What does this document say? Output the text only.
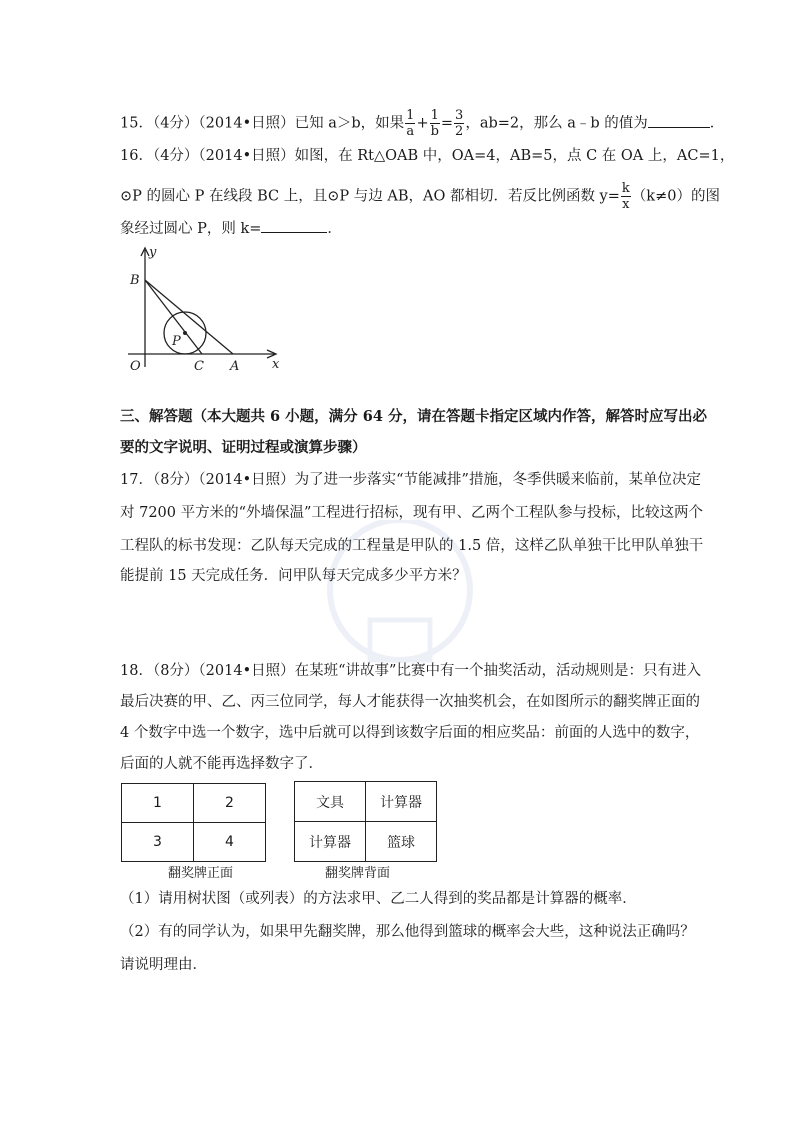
15．（4分）（2014•日照）已知 a＞b，如果 $\frac{1}{a} + \frac{1}{b} = \frac{3}{2}$ ，ab=2，那么 a﹣b 的值为	．
16．（4分）（2014•日照）如图，在 Rt△OAB 中，OA=4，AB=5，点 C 在 OA 上，AC=1，
⊙P 的圆心 P 在线段 BC 上，且⊙P 与边 AB，AO 都相切．若反比例函数 $y= \frac{k}{x} (k\ne 0)$的图
象经过圆心 P，则 k=	．
y
B
P
O	C A	x
三、解答题（本大题共 6 小题，满分 64 分，请在答题卡指定区域内作答，解答时应写出必
要的文字说明、证明过程或演算步骤）
17．（8分）（2014•日照）为了进一步落实“节能减排”措施，冬季供暖来临前，某单位决定
对 7200 平方米的“外墙保温”工程进行招标，现有甲、乙两个工程队参与投标，比较这两个
工程队的标书发现：乙队每天完成的工程量是甲队的 1.5 倍，这样乙队单独干比甲队单独干
能提前 15 天完成任务．问甲队每天完成多少平方米？
18．（8分）（2014•日照）在某班“讲故事”比赛中有一个抽奖活动，活动规则是：只有进入
最后决赛的甲、乙、丙三位同学，每人才能获得一次抽奖机会，在如图所示的翻奖牌正面的
4 个数字中选一个数字，选中后就可以得到该数字后面的相应奖品：前面的人选中的数字，
后面的人就不能再选择数字了．
1	2
3	4
翻奖牌正面
文具	计算器
计算器	篮球
翻奖牌背面
（1）请用树状图（或列表）的方法求甲、乙二人得到的奖品都是计算器的概率．
（2）有的同学认为，如果甲先翻奖牌，那么他得到篮球的概率会大些，这种说法正确吗？
请说明理由．
